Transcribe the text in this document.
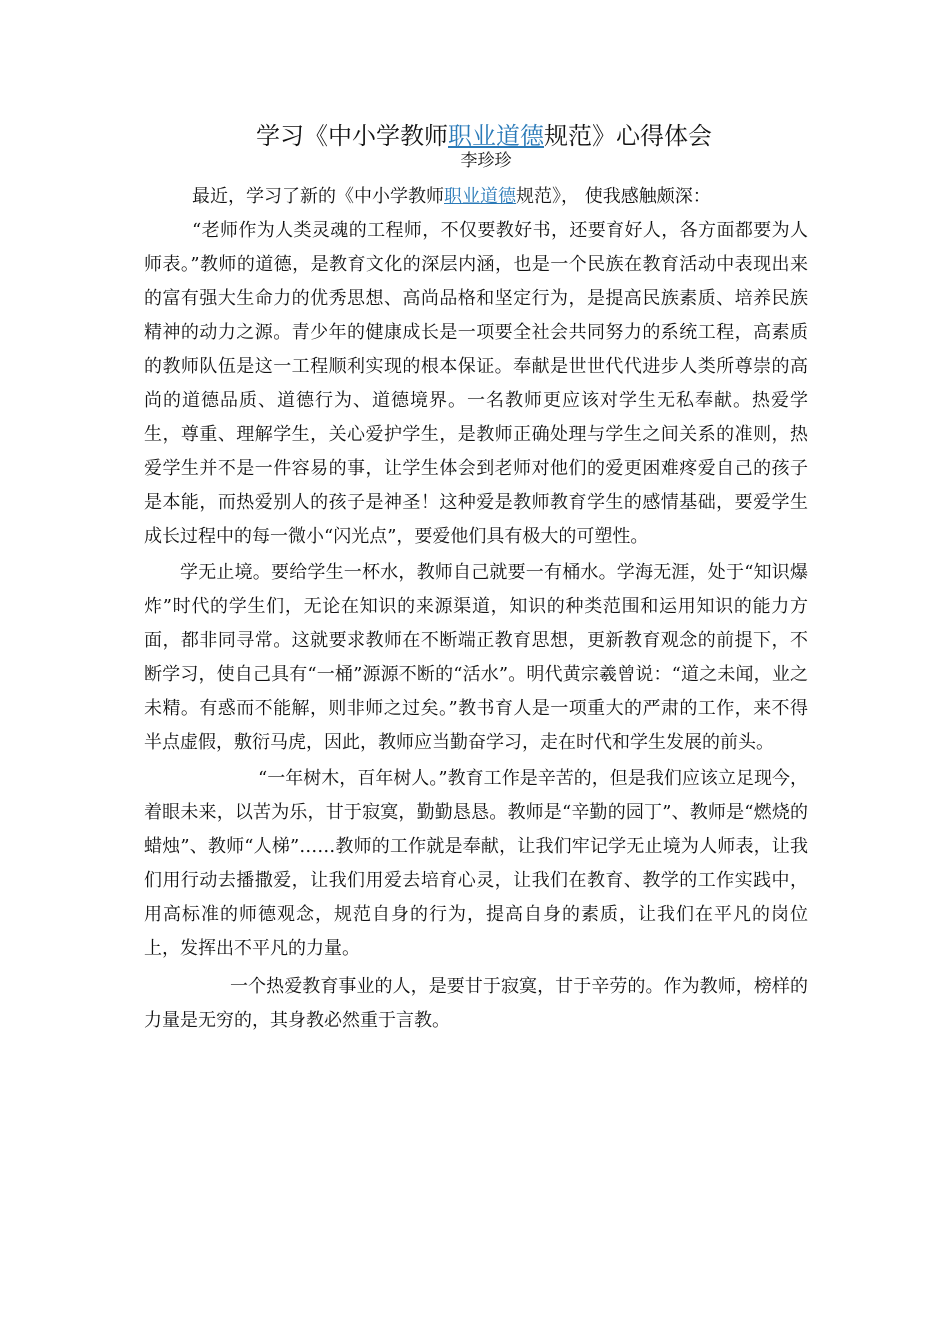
学习《中小学教师职业道德规范》心得体会
李珍珍

最近，学习了新的《中小学教师职业道德规范》， 使我感触颇深：

“老师作为人类灵魂的工程师，不仅要教好书，还要育好人，各方面都要为人师表。”教师的道德，是教育文化的深层内涵，也是一个民族在教育活动中表现出来的富有强大生命力的优秀思想、高尚品格和坚定行为，是提高民族素质、培养民族精神的动力之源。青少年的健康成长是一项要全社会共同努力的系统工程，高素质的教师队伍是这一工程顺利实现的根本保证。奉献是世世代代进步人类所尊崇的高尚的道德品质、道德行为、道德境界。一名教师更应该对学生无私奉献。热爱学生，尊重、理解学生，关心爱护学生，是教师正确处理与学生之间关系的准则，热爱学生并不是一件容易的事，让学生体会到老师对他们的爱更困难疼爱自己的孩子是本能，而热爱别人的孩子是神圣！这种爱是教师教育学生的感情基础，要爱学生成长过程中的每一微小“闪光点”，要爱他们具有极大的可塑性。

学无止境。要给学生一杯水，教师自己就要一有桶水。学海无涯，处于“知识爆炸”时代的学生们，无论在知识的来源渠道，知识的种类范围和运用知识的能力方面，都非同寻常。这就要求教师在不断端正教育思想，更新教育观念的前提下，不断学习，使自己具有“一桶”源源不断的“活水”。明代黄宗羲曾说：“道之未闻，业之未精。有惑而不能解，则非师之过矣。”教书育人是一项重大的严肃的工作，来不得半点虚假，敷衍马虎，因此，教师应当勤奋学习，走在时代和学生发展的前头。

“一年树木，百年树人。”教育工作是辛苦的，但是我们应该立足现今，着眼未来，以苦为乐，甘于寂寞，勤勤恳恳。教师是“辛勤的园丁”、教师是“燃烧的蜡烛”、教师“人梯”……教师的工作就是奉献，让我们牢记学无止境为人师表，让我们用行动去播撒爱，让我们用爱去培育心灵，让我们在教育、教学的工作实践中，用高标准的师德观念，规范自身的行为，提高自身的素质，让我们在平凡的岗位上，发挥出不平凡的力量。

一个热爱教育事业的人，是要甘于寂寞，甘于辛劳的。作为教师，榜样的力量是无穷的，其身教必然重于言教。
